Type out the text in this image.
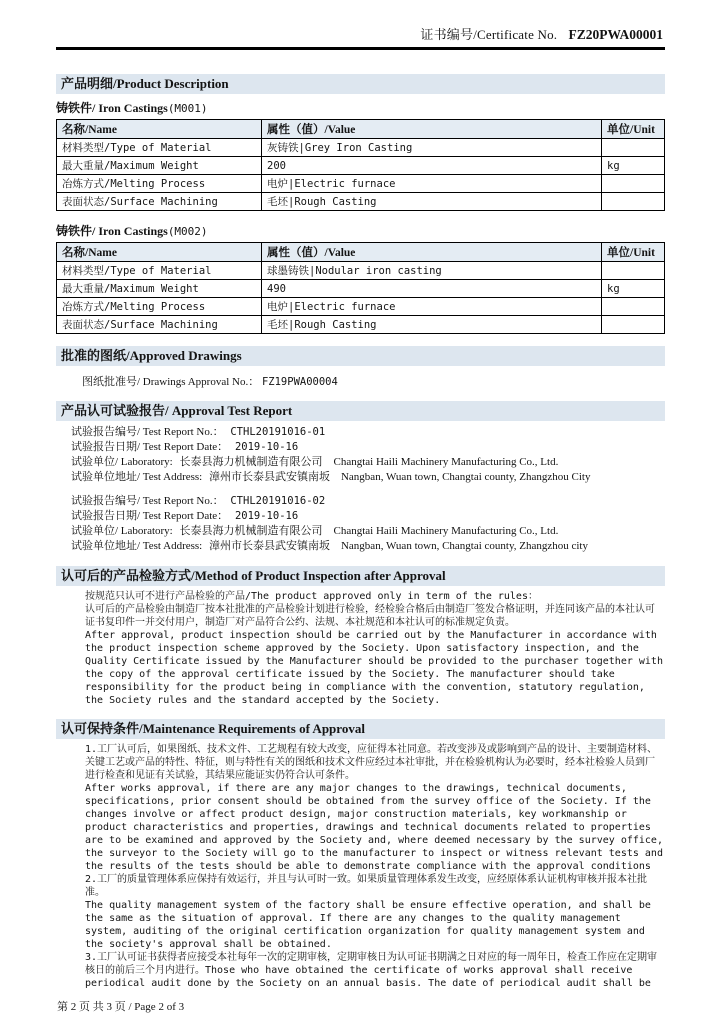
证书编号/Certificate No. FZ20PWA00001
产品明细/Product Description
铸铁件/ Iron Castings(M001)
名称/Name	属性（值）/Value	单位/Unit
材料类型/Type of Material	灰铸铁|Grey Iron Casting	
最大重量/Maximum Weight	200	kg
冶炼方式/Melting Process	电炉|Electric furnace	
表面状态/Surface Machining	毛坯|Rough Casting	
铸铁件/ Iron Castings(M002)
名称/Name	属性（值）/Value	单位/Unit
材料类型/Type of Material	球墨铸铁|Nodular iron casting	
最大重量/Maximum Weight	490	kg
冶炼方式/Melting Process	电炉|Electric furnace	
表面状态/Surface Machining	毛坯|Rough Casting	
批准的图纸/Approved Drawings
图纸批准号/ Drawings Approval No.： FZ19PWA00004
产品认可试验报告/ Approval Test Report
试验报告编号/ Test Report No.： CTHL20191016-01
试验报告日期/ Test Report Date： 2019-10-16
试验单位/ Laboratory: 长泰县海力机械制造有限公司　Changtai Haili Machinery Manufacturing Co., Ltd.
试验单位地址/ Test Address: 漳州市长泰县武安镇南坂　Nangban, Wuan town, Changtai county, Zhangzhou City
试验报告编号/ Test Report No.： CTHL20191016-02
试验报告日期/ Test Report Date： 2019-10-16
试验单位/ Laboratory: 长泰县海力机械制造有限公司　Changtai Haili Machinery Manufacturing Co., Ltd.
试验单位地址/ Test Address: 漳州市长泰县武安镇南坂　Nangban, Wuan town, Changtai county, Zhangzhou city
认可后的产品检验方式/Method of Product Inspection after Approval
按规范只认可不进行产品检验的产品/The product approved only in term of the rules：
认可后的产品检验由制造厂按本社批准的产品检验计划进行检验，经检验合格后由制造厂签发合格证明，并连同该产品的本社认可证书复印件一并交付用户，制造厂对产品符合公约、法规、本社规范和本社认可的标准规定负责。
After approval, product inspection should be carried out by the Manufacturer in accordance with the product inspection scheme approved by the Society. Upon satisfactory inspection, and the Quality Certificate issued by the Manufacturer should be provided to the purchaser together with the copy of the approval certificate issued by the Society. The manufacturer should take responsibility for the product being in compliance with the convention, statutory regulation, the Society rules and the standard accepted by the Society.
认可保持条件/Maintenance Requirements of Approval
1.工厂认可后，如果图纸、技术文件、工艺规程有较大改变，应征得本社同意。若改变涉及或影响到产品的设计、主要制造材料、关键工艺或产品的特性、特征，则与特性有关的图纸和技术文件应经过本社审批，并在检验机构认为必要时，经本社检验人员到厂进行检查和见证有关试验，其结果应能证实仍符合认可条件。
After works approval, if there are any major changes to the drawings, technical documents, specifications, prior consent should be obtained from the survey office of the Society. If the changes involve or affect product design, major construction materials, key workmanship or product characteristics and properties, drawings and technical documents related to properties are to be examined and approved by the Society and, where deemed necessary by the survey office, the surveyor to the Society will go to the manufacturer to inspect or witness relevant tests and the results of the tests should be able to demonstrate compliance with the approval conditions
2.工厂的质量管理体系应保持有效运行，并且与认可时一致。如果质量管理体系发生改变，应经原体系认证机构审核并报本社批准。
The quality management system of the factory shall be ensure effective operation, and shall be the same as the situation of approval. If there are any changes to the quality management system, auditing of the original certification organization for quality management system and the society's approval shall be obtained.
3.工厂认可证书获得者应接受本社每年一次的定期审核，定期审核日为认可证书期满之日对应的每一周年日，检查工作应在定期审核日的前后三个月内进行。Those who have obtained the certificate of works approval shall receive periodical audit done by the Society on an annual basis. The date of periodical audit shall be
第 2 页 共 3 页 / Page 2 of 3
